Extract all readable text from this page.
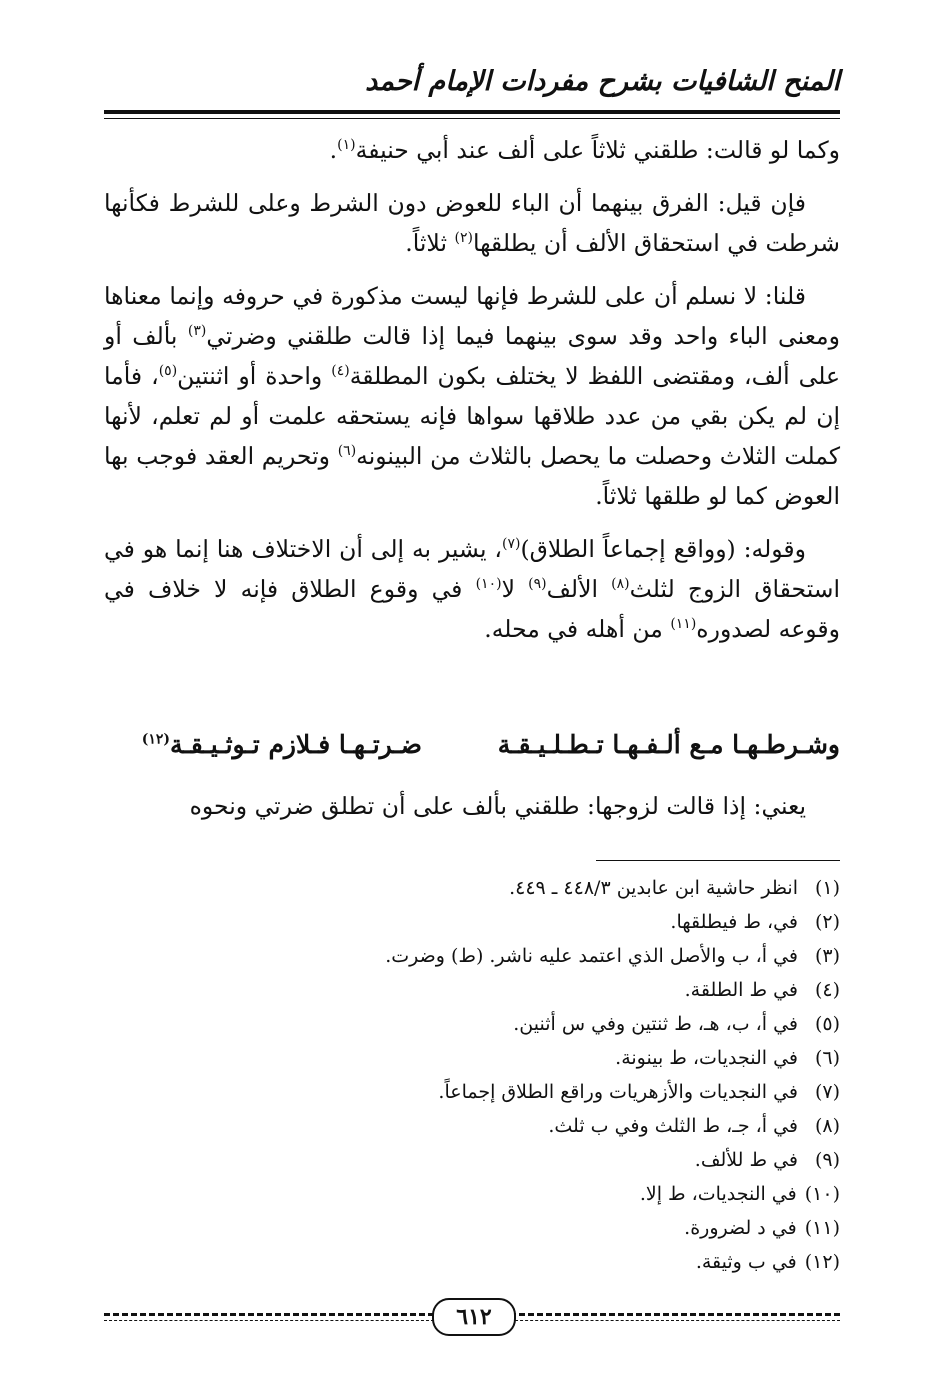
المنح الشافيات بشرح مفردات الإمام أحمد

وكما لو قالت: طلقني ثلاثاً على ألف عند أبي حنيفة$^{(١)}$.

فإن قيل: الفرق بينهما أن الباء للعوض دون الشرط وعلى للشرط فكأنها شرطت في استحقاق الألف أن يطلقها$^{(٢)}$ ثلاثاً.

قلنا: لا نسلم أن على للشرط فإنها ليست مذكورة في حروفه وإنما معناها ومعنى الباء واحد وقد سوى بينهما فيما إذا قالت طلقني وضرتي$^{(٣)}$ بألف أو على ألف، ومقتضى اللفظ لا يختلف بكون المطلقة$^{(٤)}$ واحدة أو اثنتين$^{(٥)}$، فأما إن لم يكن بقي من عدد طلاقها سواها فإنه يستحقه علمت أو لم تعلم، لأنها كملت الثلاث وحصلت ما يحصل بالثلاث من البينونه$^{(٦)}$ وتحريم العقد فوجب بها العوض كما لو طلقها ثلاثاً.

وقوله: (وواقع إجماعاً الطلاق)$^{(٧)}$، يشير به إلى أن الاختلاف هنا إنما هو في استحقاق الزوج لثلث$^{(٨)}$ الألف$^{(٩)}$ لا$^{(١٠)}$ في وقوع الطلاق فإنه لا خلاف في وقوعه لصدوره$^{(١١)}$ من أهله في محله.

وشـرطـهـا مـع ألـفـهـا تـطـلـيـقـة
ضـرتـهـا فـلازم تـوثـيـقـة$^{(١٢)}$
يعني: إذا قالت لزوجها: طلقني بألف على أن تطلق ضرتي ونحوه
(١)انظر حاشية ابن عابدين ٤٤٨/٣ ـ ٤٤٩.
(٢)في، ط فيطلقها.
(٣)في أ، ب والأصل الذي اعتمد عليه ناشر. (ط) وضرت.
(٤)في ط الطلقة.
(٥)في أ، ب، هـ، ط ثنتين وفي س أثنين.
(٦)في النجديات، ط بينونة.
(٧)في النجديات والأزهريات وراقع الطلاق إجماعاً.
(٨)في أ، جـ، ط الثلث وفي ب ثلث.
(٩)في ط للألف.
(١٠)في النجديات، ط إلا.
(١١)في د لضرورة.
(١٢)في ب وثيقة.
٦١٢
